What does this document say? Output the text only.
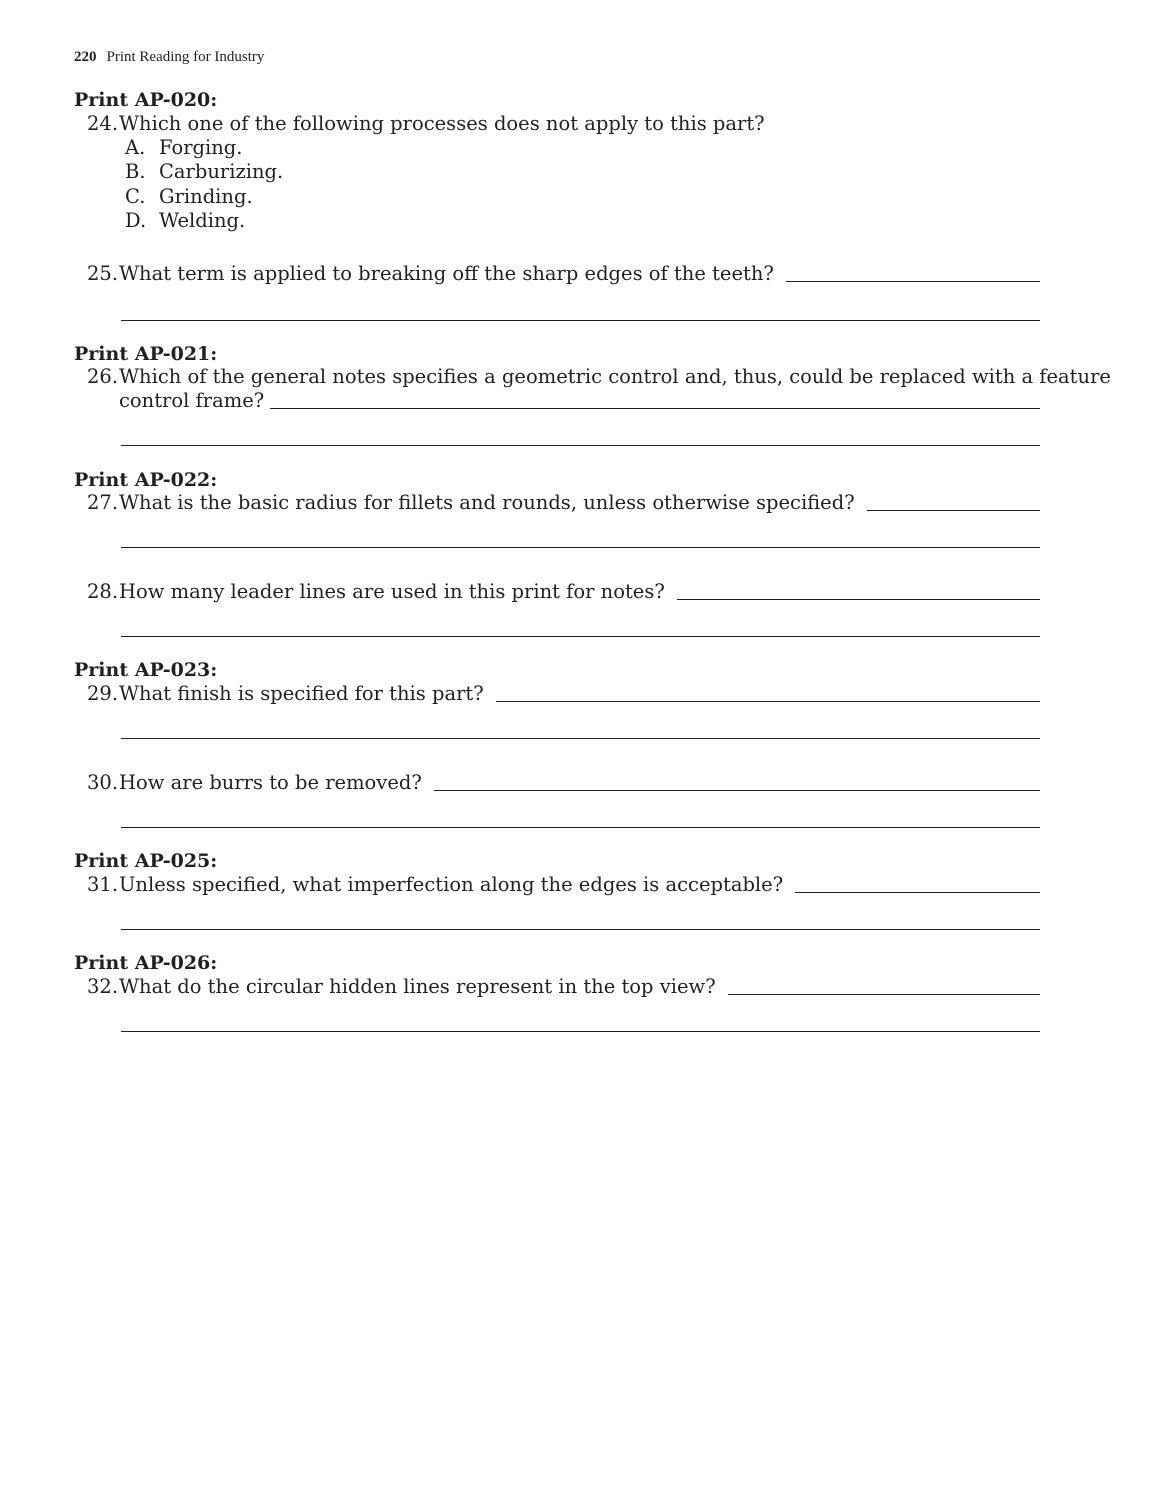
220 Print Reading for Industry
Print AP-020:
24. Which one of the following processes does not apply to this part?
A. Forging.
B. Carburizing.
C. Grinding.
D. Welding.
25. What term is applied to breaking off the sharp edges of the teeth?
Print AP-021:
26. Which of the general notes specifies a geometric control and, thus, could be replaced with a feature
control frame?
Print AP-022:
27. What is the basic radius for fillets and rounds, unless otherwise specified?
28. How many leader lines are used in this print for notes?
Print AP-023:
29. What finish is specified for this part?
30. How are burrs to be removed?
Print AP-025:
31. Unless specified, what imperfection along the edges is acceptable?
Print AP-026:
32. What do the circular hidden lines represent in the top view?
